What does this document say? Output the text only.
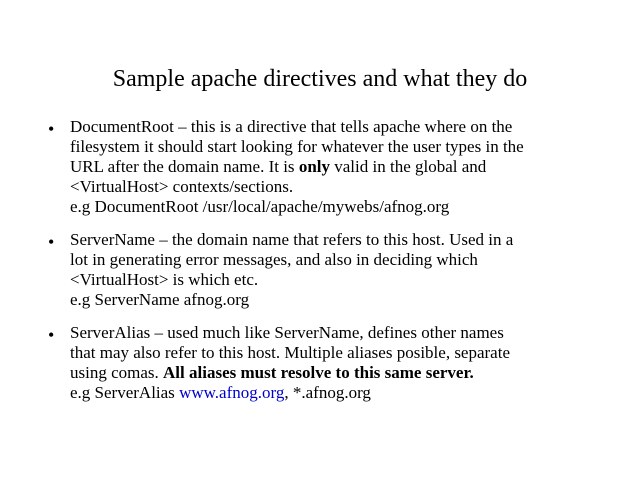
Sample apache directives and what they do
• DocumentRoot – this is a directive that tells apache where on the
filesystem it should start looking for whatever the user types in the
URL after the domain name. It is only valid in the global and
<VirtualHost> contexts/sections.
e.g DocumentRoot /usr/local/apache/mywebs/afnog.org
• ServerName – the domain name that refers to this host. Used in a
lot in generating error messages, and also in deciding which
<VirtualHost> is which etc.
e.g ServerName afnog.org
• ServerAlias – used much like ServerName, defines other names
that may also refer to this host. Multiple aliases posible, separate
using comas. All aliases must resolve to this same server.
e.g ServerAlias www.afnog.org, *.afnog.org
